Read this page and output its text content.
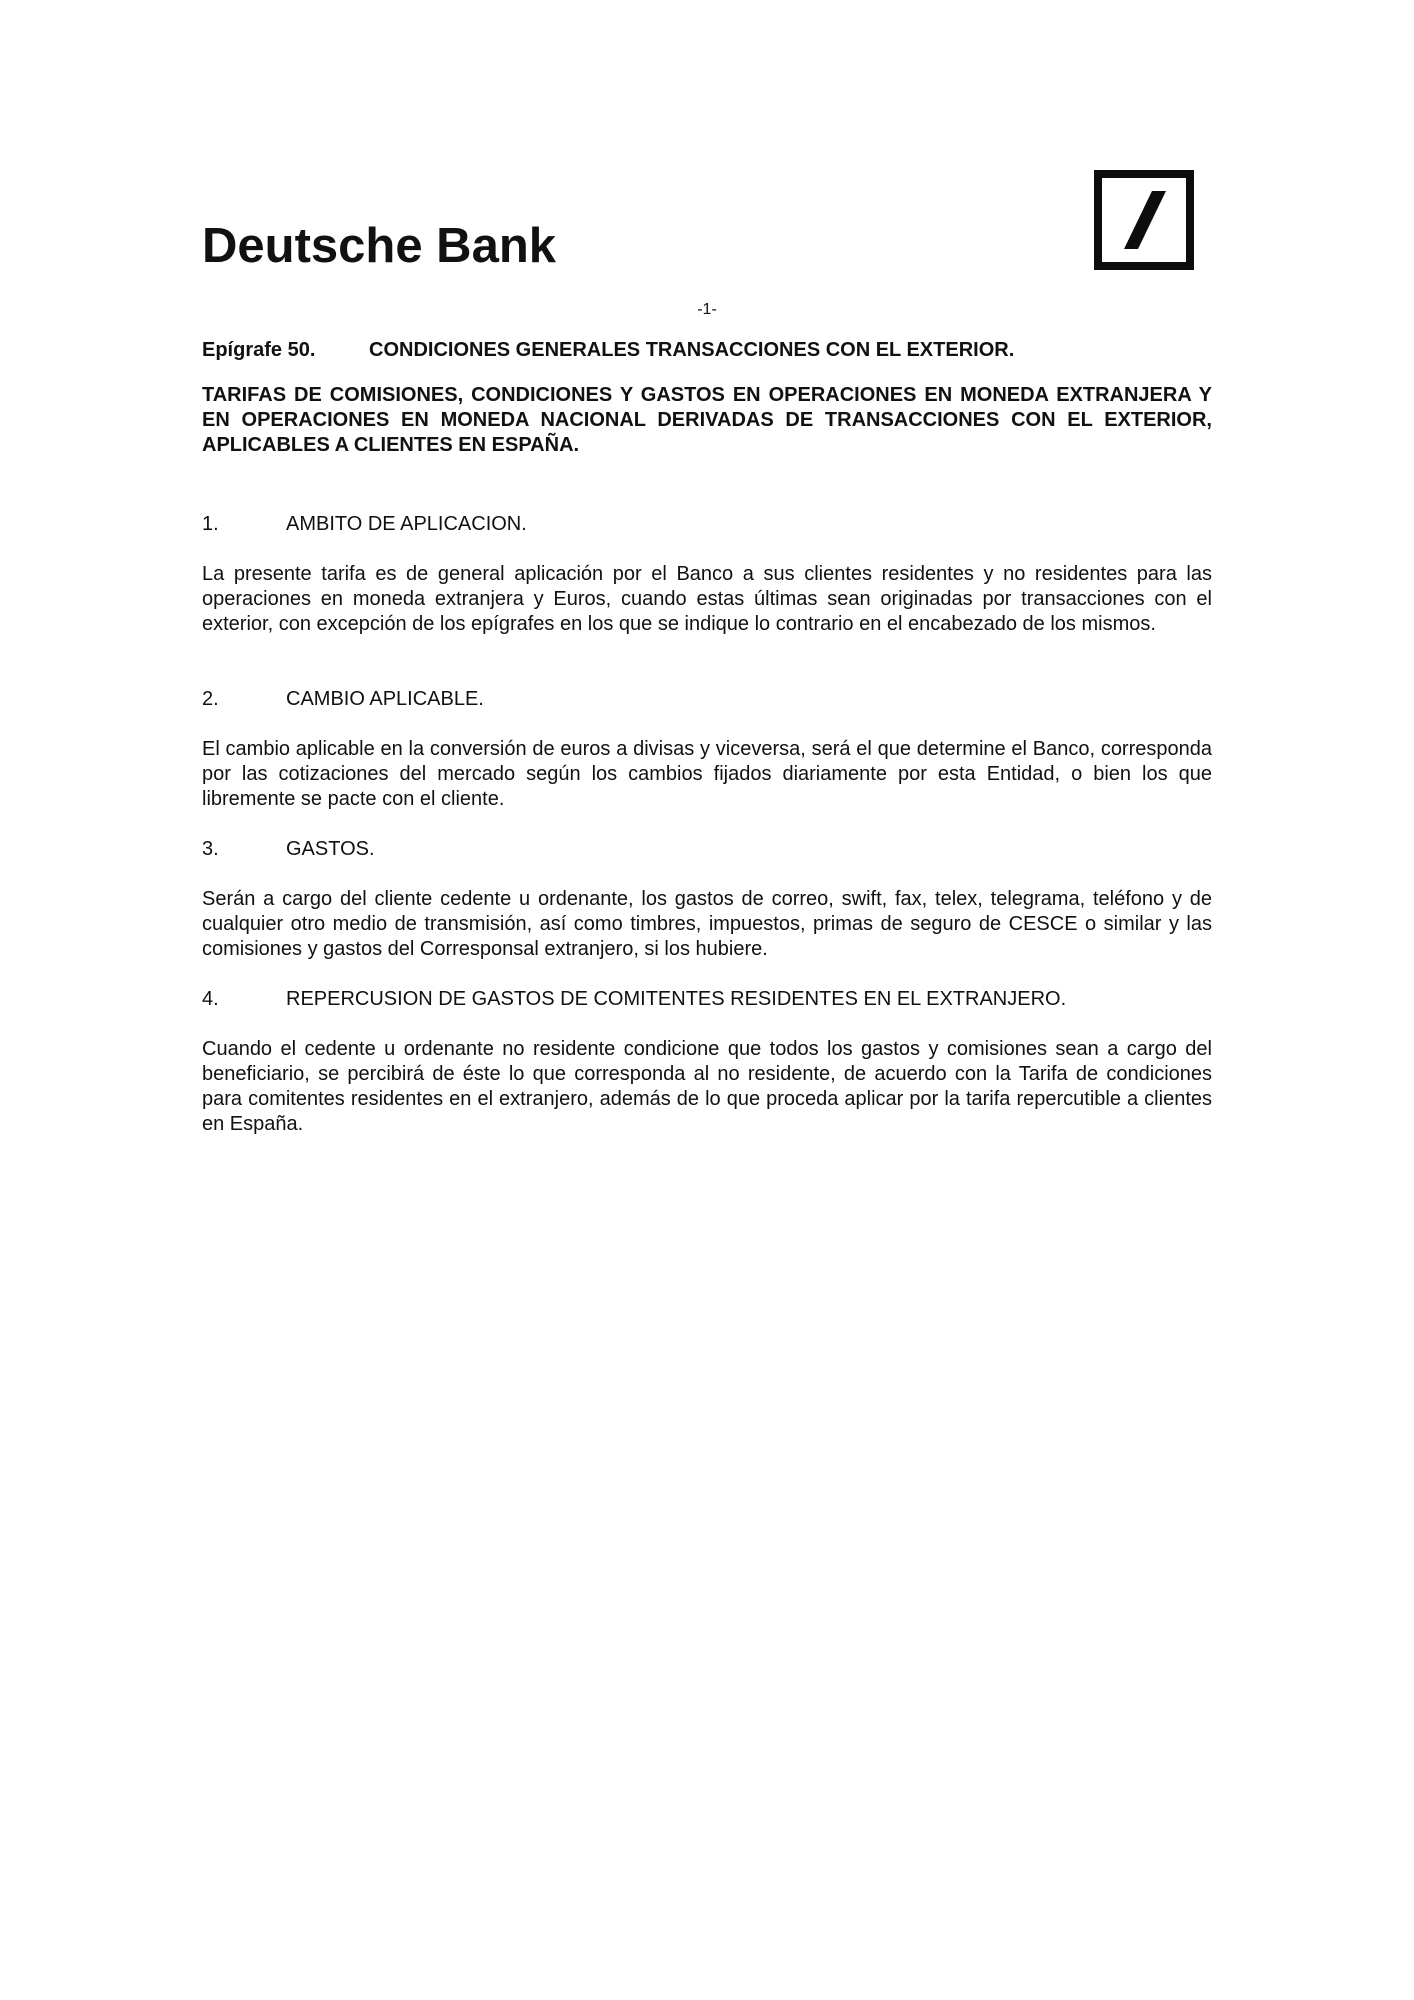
Deutsche Bank
-1-
Epígrafe 50.	CONDICIONES GENERALES TRANSACCIONES CON EL EXTERIOR.
TARIFAS DE COMISIONES, CONDICIONES Y GASTOS EN OPERACIONES EN MONEDA EXTRANJERA Y EN OPERACIONES EN MONEDA NACIONAL DERIVADAS DE TRANSACCIONES CON EL EXTERIOR, APLICABLES A CLIENTES EN ESPAÑA.
1.	AMBITO DE APLICACION.
La presente tarifa es de general aplicación por el Banco a sus clientes residentes y no residentes para las operaciones en moneda extranjera y Euros, cuando estas últimas sean originadas por transacciones con el exterior, con excepción de los epígrafes en los que se indique lo contrario en el encabezado de los mismos.
2.	CAMBIO APLICABLE.
El cambio aplicable en la conversión de euros a divisas y viceversa, será el que determine el Banco, corresponda por las cotizaciones del mercado según los cambios fijados diariamente por esta Entidad, o bien los que libremente se pacte con el cliente.
3.	GASTOS.
Serán a cargo del cliente cedente u ordenante, los gastos de correo, swift, fax, telex, telegrama, teléfono y de cualquier otro medio de transmisión, así como timbres, impuestos, primas de seguro de CESCE o similar y las comisiones y gastos del Corresponsal extranjero, si los hubiere.
4.	REPERCUSION DE GASTOS DE COMITENTES RESIDENTES EN EL EXTRANJERO.
Cuando el cedente u ordenante no residente condicione que todos los gastos y comisiones sean a cargo del beneficiario, se percibirá de éste lo que corresponda al no residente, de acuerdo con la Tarifa de condiciones para comitentes residentes en el extranjero, además de lo que proceda aplicar por la tarifa repercutible a clientes en España.
